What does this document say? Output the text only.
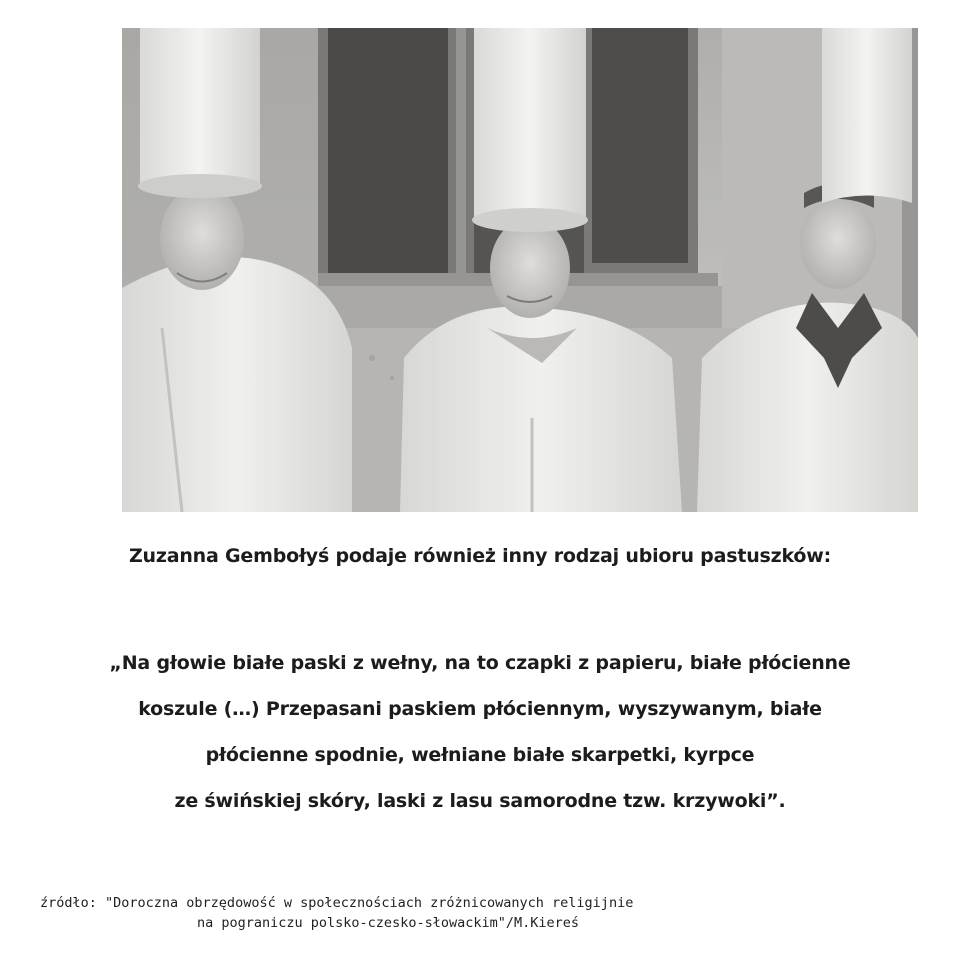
Zuzanna Gembołyś podaje również inny rodzaj ubioru pastuszków:
„Na głowie białe paski z wełny, na to czapki z papieru, białe płócienne
koszule (…) Przepasani paskiem płóciennym, wyszywanym, białe
płócienne spodnie, wełniane białe skarpetki, kyrpce
ze świńskiej skóry, laski z lasu samorodne tzw. krzywoki”.
źródło: "Doroczna obrzędowość w społecznościach zróżnicowanych religijnie
na pograniczu polsko-czesko-słowackim"/M.Kiereś
